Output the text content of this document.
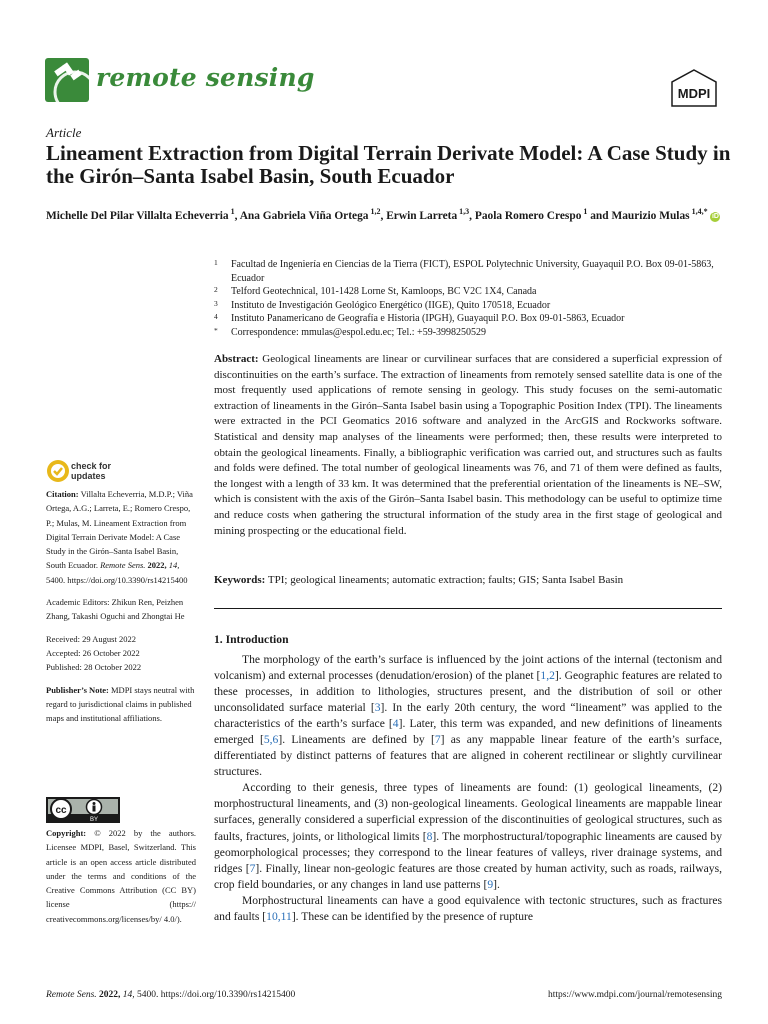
remote sensing
MDPI
Article
Lineament Extraction from Digital Terrain Derivate Model: A Case Study in the Girón–Santa Isabel Basin, South Ecuador
Michelle Del Pilar Villalta Echeverria $^1$, Ana Gabriela Viña Ortega $^{1,2}$, Erwin Larreta $^{1,3}$, Paola Romero Crespo $^1$ and Maurizio Mulas $^{1,4,*}$ iD
1	Facultad de Ingeniería en Ciencias de la Tierra (FICT), ESPOL Polytechnic University, Guayaquil P.O. Box 09-01-5863, Ecuador
2	Telford Geotechnical, 101-1428 Lorne St, Kamloops, BC V2C 1X4, Canada
3	Instituto de Investigación Geológico Energético (IIGE), Quito 170518, Ecuador
4	Instituto Panamericano de Geografía e Historia (IPGH), Guayaquil P.O. Box 09-01-5863, Ecuador
*	Correspondence: mmulas@espol.edu.ec; Tel.: +59-3998250529
Abstract: Geological lineaments are linear or curvilinear surfaces that are considered a superficial expression of discontinuities on the earth’s surface. The extraction of lineaments from remotely sensed satellite data is one of the most frequently used applications of remote sensing in geology. This study focuses on the semi-automatic extraction of lineaments in the Girón–Santa Isabel basin using a Topographic Position Index (TPI). The lineaments were extracted in the PCI Geomatics 2016 software and analyzed in the ArcGIS and Rockworks software. Statistical and density map analyses of the lineaments were performed; then, these results were interpreted to obtain the geological lineaments. Finally, a bibliographic verification was carried out, and structures such as faults and folds were defined. The total number of geological lineaments was 76, and 71 of them were defined as faults, the longest with a length of 33 km. It was determined that the preferential orientation of the lineaments is NE–SW, which is consistent with the axis of the Girón–Santa Isabel basin. This methodology can be useful to optimize time and reduce costs when gathering the structural information of the study area in the first stage of geological and mining prospecting or the educational field.
Keywords: TPI; geological lineaments; automatic extraction; faults; GIS; Santa Isabel Basin
check for
updates
Citation: Villalta Echeverria, M.D.P.; Viña Ortega, A.G.; Larreta, E.; Romero Crespo, P.; Mulas, M. Lineament Extraction from Digital Terrain Derivate Model: A Case Study in the Girón–Santa Isabel Basin, South Ecuador. Remote Sens. 2022, 14, 5400. https://doi.org/10.3390/rs14215400
Academic Editors: Zhikun Ren, Peizhen Zhang, Takashi Oguchi and Zhongtai He
Received: 29 August 2022
Accepted: 26 October 2022
Published: 28 October 2022
Publisher’s Note: MDPI stays neutral with regard to jurisdictional claims in published maps and institutional affiliations.
cc
BY
Copyright: © 2022 by the authors. Licensee MDPI, Basel, Switzerland. This article is an open access article distributed under the terms and conditions of the Creative Commons Attribution (CC BY) license (https:// creativecommons.org/licenses/by/ 4.0/).
1. Introduction

The morphology of the earth’s surface is influenced by the joint actions of the internal (tectonism and volcanism) and external processes (denudation/erosion) of the planet [1,2]. Geographic features are related to these processes, in addition to lithologies, structures present, and the distribution of soil or other unconsolidated surface material [3]. In the early 20th century, the word “lineament” was applied to the characteristics of the earth’s surface [4]. Later, this term was expanded, and new definitions of lineaments emerged [5,6]. Lineaments are defined by [7] as any mappable linear feature of the earth’s surface, differentiated by distinct patterns of features that are aligned in coherent rectilinear or slightly curvilinear structures.

According to their genesis, three types of lineaments are found: (1) geological lineaments, (2) morphostructural lineaments, and (3) non-geological lineaments. Geological lineaments are mappable linear surfaces, generally considered a superficial expression of the discontinuities of geological structures, such as faults, fractures, joints, or lithological limits [8]. The morphostructural/topographic lineaments are caused by geomorphological processes; they correspond to the linear features of valleys, river drainage systems, and ridges [7]. Finally, linear non-geologic features are those created by human activity, such as roads, railways, crop field boundaries, or any changes in land use patterns [9].

Morphostructural lineaments can have a good equivalence with tectonic structures, such as fractures and faults [10,11]. These can be identified by the presence of rupture

Remote Sens. 2022, 14, 5400. https://doi.org/10.3390/rs14215400	https://www.mdpi.com/journal/remotesensing
